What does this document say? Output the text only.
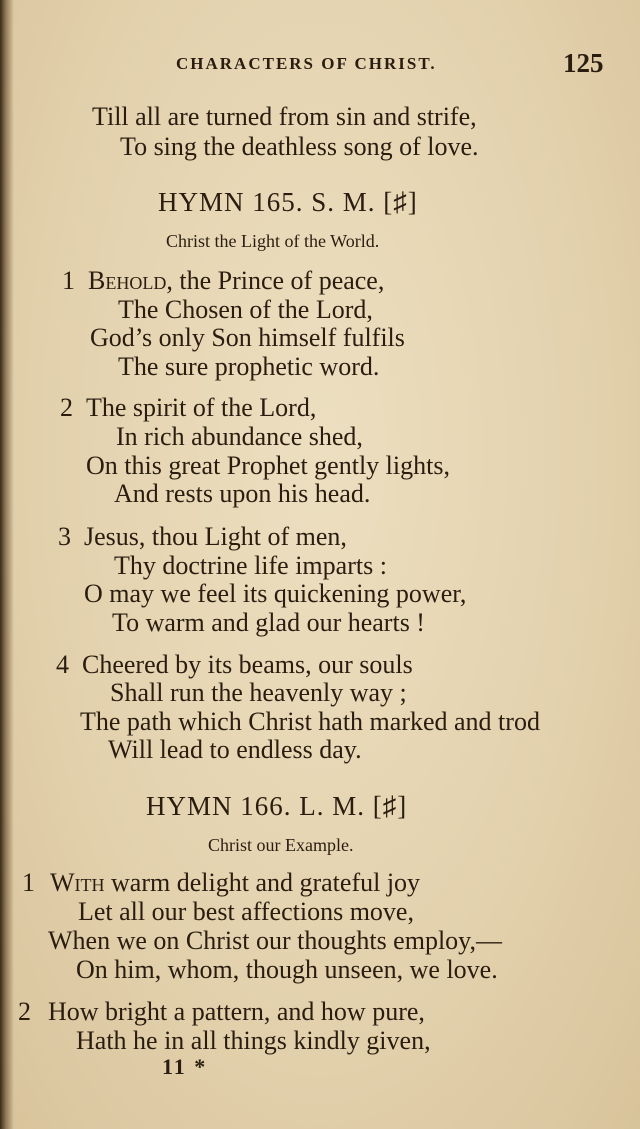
CHARACTERS OF CHRIST.	125
Till all are turned from sin and strife,
To sing the deathless song of love.
HYMN 165. S. M. [♯]
Christ the Light of the World.
1 Behold, the Prince of peace,
The Chosen of the Lord,
God’s only Son himself fulfils
The sure prophetic word.
2 The spirit of the Lord,
In rich abundance shed,
On this great Prophet gently lights,
And rests upon his head.
3 Jesus, thou Light of men,
Thy doctrine life imparts :
O may we feel its quickening power,
To warm and glad our hearts !
4 Cheered by its beams, our souls
Shall run the heavenly way ;
The path which Christ hath marked and trod
Will lead to endless day.
HYMN 166. L. M. [♯]
Christ our Example.
1 With warm delight and grateful joy
Let all our best affections move,
When we on Christ our thoughts employ,—
On him, whom, though unseen, we love.
2 How bright a pattern, and how pure,
Hath he in all things kindly given,
11 *
